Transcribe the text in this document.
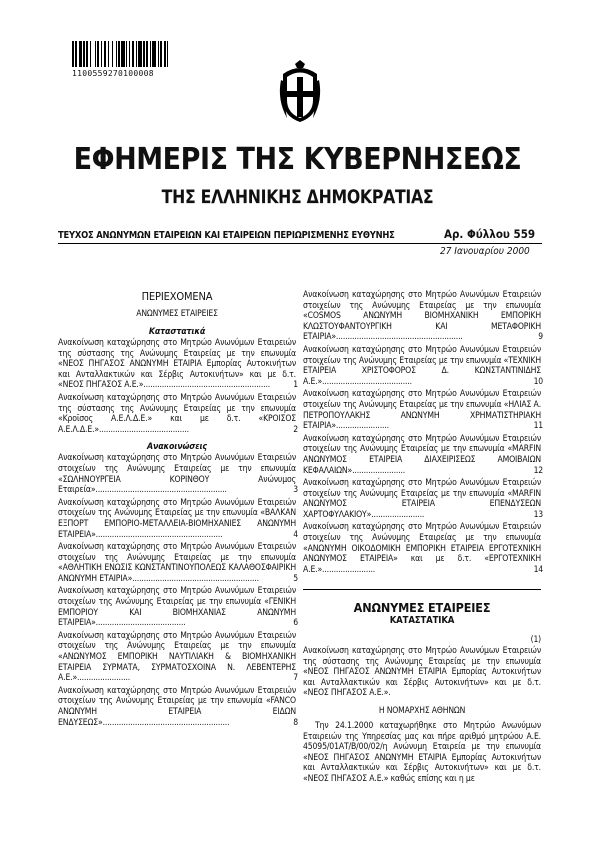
1100559270100008
ΕΦΗΜΕΡΙΣ ΤΗΣ ΚΥΒΕΡΝΗΣΕΩΣ
ΤΗΣ ΕΛΛΗΝΙΚΗΣ ΔΗΜΟΚΡΑΤΙΑΣ
ΤΕΥΧΟΣ ΑΝΩΝΥΜΩΝ ΕΤΑΙΡΕΙΩΝ ΚΑΙ ΕΤΑΙΡΕΙΩΝ ΠΕΡΙΩΡΙΣΜΕΝΗΣ ΕΥΘΥΝΗΣ	Αρ. Φύλλου 559
27 Ιανουαρίου 2000
ΠΕΡΙΕΧΟΜΕΝΑ
ΑΝΩΝΥΜΕΣ ΕΤΑΙΡΕΙΕΣ
Καταστατικά
Ανακοίνωση καταχώρησης στο Μητρώο Ανωνύμων Εταιρειών της σύστασης της Ανώνυμης Εταιρείας με την επωνυμία «ΝΕΟΣ ΠΗΓΑΣΟΣ ΑΝΩΝΥΜΗ ΕΤΑΙΡΙΑ Εμπορίας Αυτοκινήτων και Ανταλλακτικών και Σέρβις Αυτοκινήτων» και με δ.τ. «ΝΕΟΣ ΠΗΓΑΣΟΣ Α.Ε.».......................................................	1
Ανακοίνωση καταχώρησης στο Μητρώο Ανωνύμων Εταιρειών της σύστασης της Ανώνυμης Εταιρείας με την επωνυμία «Κροϊσος Α.Ε.Λ.Δ.Ε.» και με δ.τ. «ΚΡΟΙΣΟΣ Α.Ε.Λ.Δ.Ε.».......................................	2
Ανακοινώσεις
Ανακοίνωση καταχώρησης στο Μητρώο Ανωνύμων Εταιρειών στοιχείων της Ανώνυμης Εταιρείας με την επωνυμία «ΣΩΛΗΝΟΥΡΓΕΙΑ ΚΟΡΙΝΘΟΥ Ανώνυμος Εταιρεία».........................................................	3
Ανακοίνωση καταχώρησης στο Μητρώο Ανωνύμων Εταιρειών στοιχείων της Ανώνυμης Εταιρείας με την επωνυμία «ΒΑΛΚΑΝ ΕΞΠΟΡΤ ΕΜΠΟΡΙΟ-ΜΕΤΑΛΛΕΙΑ-ΒΙΟΜΗΧΑΝΙΕΣ ΑΝΩΝΥΜΗ ΕΤΑΙΡΕΙΑ».......................................................	4
Ανακοίνωση καταχώρησης στο Μητρώο Ανωνύμων Εταιρειών στοιχείων της Ανώνυμης Εταιρείας με την επωνυμία «ΑΘΛΗΤΙΚΗ ΕΝΩΣΙΣ ΚΩΝΣΤΑΝΤΙΝΟΥΠΟΛΕΩΣ ΚΑΛΑΘΟΣΦΑΙΡΙΚΗ ΑΝΩΝΥΜΗ ΕΤΑΙΡΙΑ».......................................................	5
Ανακοίνωση καταχώρησης στο Μητρώο Ανωνύμων Εταιρειών στοιχείων της Ανώνυμης Εταιρείας με την επωνυμία «ΓΕΝΙΚΗ ΕΜΠΟΡΙΟΥ ΚΑΙ ΒΙΟΜΗΧΑΝΙΑΣ ΑΝΩΝΥΜΗ ΕΤΑΙΡΕΙΑ».......................................	6
Ανακοίνωση καταχώρησης στο Μητρώο Ανωνύμων Εταιρειών στοιχείων της Ανώνυμης Εταιρείας με την επωνυμία «ΑΝΩΝΥΜΟΣ ΕΜΠΟΡΙΚΗ ΝΑΥΤΙΛΙΑΚΗ & ΒΙΟΜΗΧΑΝΙΚΗ ΕΤΑΙΡΕΙΑ ΣΥΡΜΑΤΑ, ΣΥΡΜΑΤΟΣΧΟΙΝΑ Ν. ΛΕΒΕΝΤΕΡΗΣ Α.Ε.».......................	7
Ανακοίνωση καταχώρησης στο Μητρώο Ανωνύμων Εταιρειών στοιχείων της Ανώνυμης Εταιρείας με την επωνυμία «FANCO ΑΝΩΝΥΜΗ ΕΤΑΙΡΕΙΑ ΕΙΔΩΝ ΕΝΔΥΣΕΩΣ».......................................................	8
Ανακοίνωση καταχώρησης στο Μητρώο Ανωνύμων Εταιρειών στοιχείων της Ανώνυμης Εταιρείας με την επωνυμία «COSMOS ΑΝΩΝΥΜΗ ΒΙΟΜΗΧΑΝΙΚΗ ΕΜΠΟΡΙΚΗ ΚΛΩΣΤΟΥΦΑΝΤΟΥΡΓΙΚΗ ΚΑΙ ΜΕΤΑΦΟΡΙΚΗ ΕΤΑΙΡΙΑ».......................................................	9
Ανακοίνωση καταχώρησης στο Μητρώο Ανωνύμων Εταιρειών στοιχείων της Ανώνυμης Εταιρείας με την επωνυμία «ΤΕΧΝΙΚΗ ΕΤΑΙΡΕΙΑ ΧΡΙΣΤΟΦΟΡΟΣ Δ. ΚΩΝΣΤΑΝΤΙΝΙΔΗΣ Α.Ε.».......................................	10
Ανακοίνωση καταχώρησης στο Μητρώο Ανωνύμων Εταιρειών στοιχείων της Ανώνυμης Εταιρείας με την επωνυμία «ΗΛΙΑΣ Α. ΠΕΤΡΟΠΟΥΛΑΚΗΣ ΑΝΩΝΥΜΗ ΧΡΗΜΑΤΙΣΤΗΡΙΑΚΗ ΕΤΑΙΡΙΑ».......................	11
Ανακοίνωση καταχώρησης στο Μητρώο Ανωνύμων Εταιρειών στοιχείων της Ανώνυμης Εταιρείας με την επωνυμία «MARFIN ΑΝΩΝΥΜΟΣ ΕΤΑΙΡΕΙΑ ΔΙΑΧΕΙΡΙΣΕΩΣ ΑΜΟΙΒΑΙΩΝ ΚΕΦΑΛΑΙΩΝ».......................	12
Ανακοίνωση καταχώρησης στο Μητρώο Ανωνύμων Εταιρειών στοιχείων της Ανώνυμης Εταιρείας με την επωνυμία «MARFIN ΑΝΩΝΥΜΟΣ ΕΤΑΙΡΕΙΑ ΕΠΕΝΔΥΣΕΩΝ ΧΑΡΤΟΦΥΛΑΚΙΟΥ».......................	13
Ανακοίνωση καταχώρησης στο Μητρώο Ανωνύμων Εταιρειών στοιχείων της Ανώνυμης Εταιρείας με την επωνυμία «ΑΝΩΝΥΜΗ ΟΙΚΟΔΟΜΙΚΗ ΕΜΠΟΡΙΚΗ ΕΤΑΙΡΕΙΑ ΕΡΓΟΤΕΧΝΙΚΗ ΑΝΩΝΥΜΟΣ ΕΤΑΙΡΕΙΑ» και με δ.τ. «ΕΡΓΟΤΕΧΝΙΚΗ Α.Ε.».......................	14
ΑΝΩΝΥΜΕΣ ΕΤΑΙΡΕΙΕΣ
ΚΑΤΑΣΤΑΤΙΚΑ
(1)
Ανακοίνωση καταχώρησης στο Μητρώο Ανωνύμων Εταιρειών της σύστασης της Ανώνυμης Εταιρείας με την επωνυμία «ΝΕΟΣ ΠΗΓΑΣΟΣ ΑΝΩΝΥΜΗ ΕΤΑΙΡΙΑ Εμπορίας Αυτοκινήτων και Ανταλλακτικών και Σέρβις Αυτοκινήτων» και με δ.τ. «ΝΕΟΣ ΠΗΓΑΣΟΣ Α.Ε.».
Η ΝΟΜΑΡΧΗΣ ΑΘΗΝΩΝ
Την 24.1.2000 καταχωρήθηκε στο Μητρώο Ανωνύμων Εταιρειών της Υπηρεσίας μας και πήρε αριθμό μητρώου Α.Ε. 45095/01ΑΤ/Β/00/02/η Ανώνυμη Εταιρεία με την επωνυμία «ΝΕΟΣ ΠΗΓΑΣΟΣ ΑΝΩΝΥΜΗ ΕΤΑΙΡΙΑ Εμπορίας Αυτοκινήτων και Ανταλλακτικών και Σέρβις Αυτοκινήτων» και με δ.τ. «ΝΕΟΣ ΠΗΓΑΣΟΣ Α.Ε.» καθώς επίσης και η με
